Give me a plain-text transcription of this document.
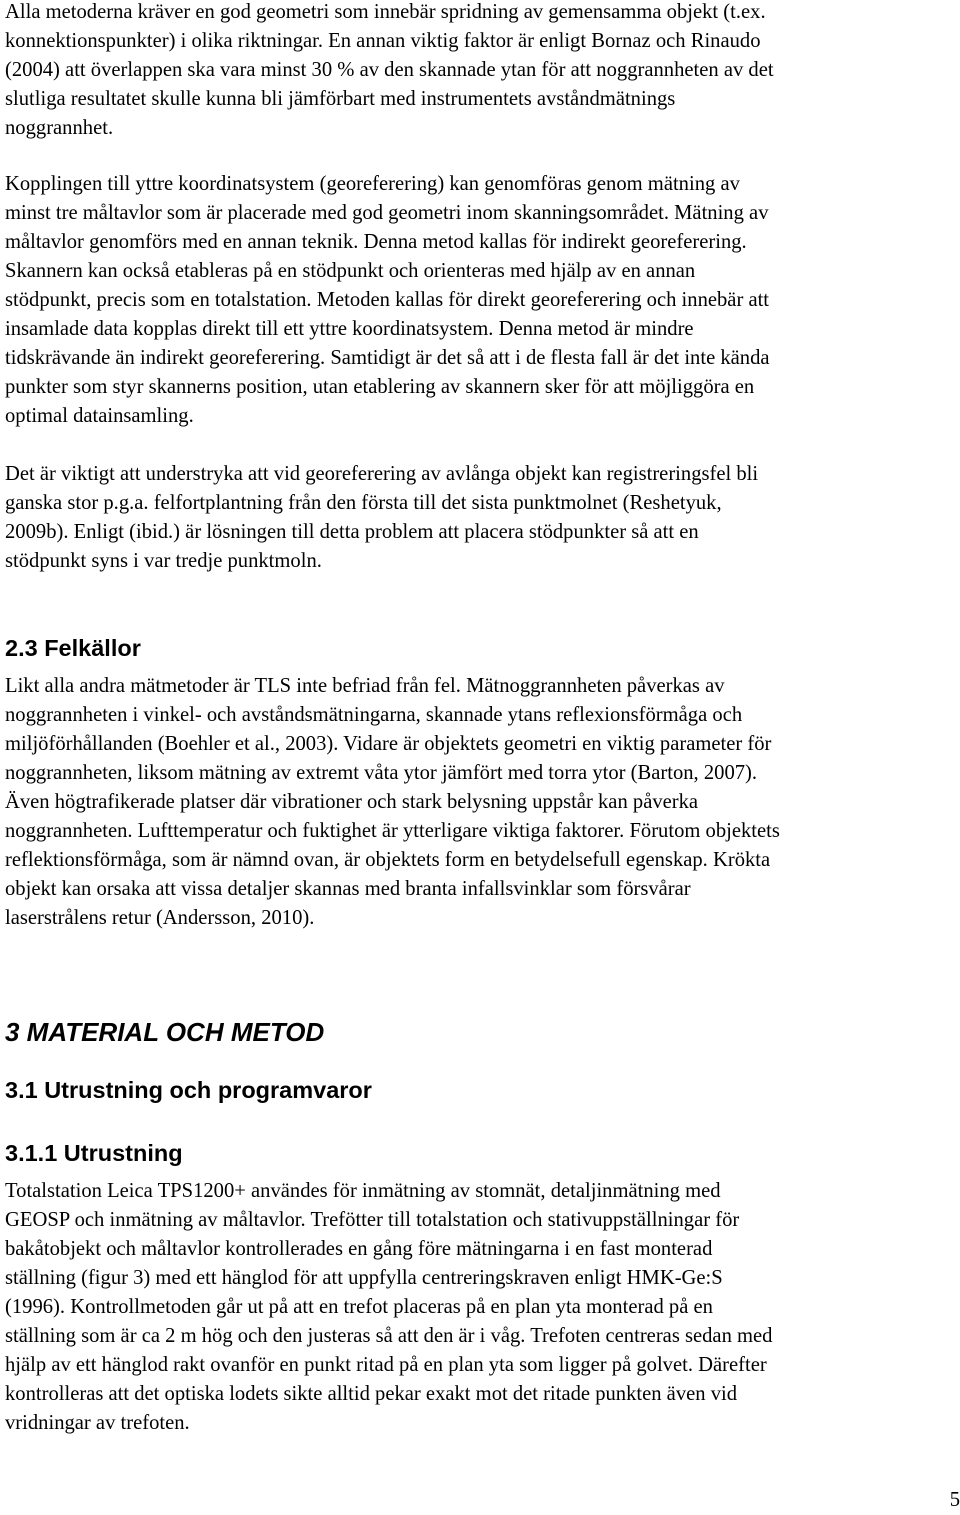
Alla metoderna kräver en god geometri som innebär spridning av gemensamma objekt (t.ex.
konnektionspunkter) i olika riktningar. En annan viktig faktor är enligt Bornaz och Rinaudo
(2004) att överlappen ska vara minst 30 % av den skannade ytan för att noggrannheten av det
slutliga resultatet skulle kunna bli jämförbart med instrumentets avståndmätnings
noggrannhet.

Kopplingen till yttre koordinatsystem (georeferering) kan genomföras genom mätning av
minst tre måltavlor som är placerade med god geometri inom skanningsområdet. Mätning av
måltavlor genomförs med en annan teknik. Denna metod kallas för indirekt georeferering.
Skannern kan också etableras på en stödpunkt och orienteras med hjälp av en annan
stödpunkt, precis som en totalstation. Metoden kallas för direkt georeferering och innebär att
insamlade data kopplas direkt till ett yttre koordinatsystem. Denna metod är mindre
tidskrävande än indirekt georeferering. Samtidigt är det så att i de flesta fall är det inte kända
punkter som styr skannerns position, utan etablering av skannern sker för att möjliggöra en
optimal datainsamling.

Det är viktigt att understryka att vid georeferering av avlånga objekt kan registreringsfel bli
ganska stor p.g.a. felfortplantning från den första till det sista punktmolnet (Reshetyuk,
2009b). Enligt (ibid.) är lösningen till detta problem att placera stödpunkter så att en
stödpunkt syns i var tredje punktmoln.

2.3 Felkällor

Likt alla andra mätmetoder är TLS inte befriad från fel. Mätnoggrannheten påverkas av
noggrannheten i vinkel- och avståndsmätningarna, skannade ytans reflexionsförmåga och
miljöförhållanden (Boehler et al., 2003). Vidare är objektets geometri en viktig parameter för
noggrannheten, liksom mätning av extremt våta ytor jämfört med torra ytor (Barton, 2007).
Även högtrafikerade platser där vibrationer och stark belysning uppstår kan påverka
noggrannheten. Lufttemperatur och fuktighet är ytterligare viktiga faktorer. Förutom objektets
reflektionsförmåga, som är nämnd ovan, är objektets form en betydelsefull egenskap. Krökta
objekt kan orsaka att vissa detaljer skannas med branta infallsvinklar som försvårar
laserstrålens retur (Andersson, 2010).

3 MATERIAL OCH METOD
3.1 Utrustning och programvaror
3.1.1 Utrustning

Totalstation Leica TPS1200+ användes för inmätning av stomnät, detaljinmätning med
GEOSP och inmätning av måltavlor. Trefötter till totalstation och stativuppställningar för
bakåtobjekt och måltavlor kontrollerades en gång före mätningarna i en fast monterad
ställning (figur 3) med ett hänglod för att uppfylla centreringskraven enligt HMK-Ge:S
(1996). Kontrollmetoden går ut på att en trefot placeras på en plan yta monterad på en
ställning som är ca 2 m hög och den justeras så att den är i våg. Trefoten centreras sedan med
hjälp av ett hänglod rakt ovanför en punkt ritad på en plan yta som ligger på golvet. Därefter
kontrolleras att det optiska lodets sikte alltid pekar exakt mot det ritade punkten även vid
vridningar av trefoten.

5
